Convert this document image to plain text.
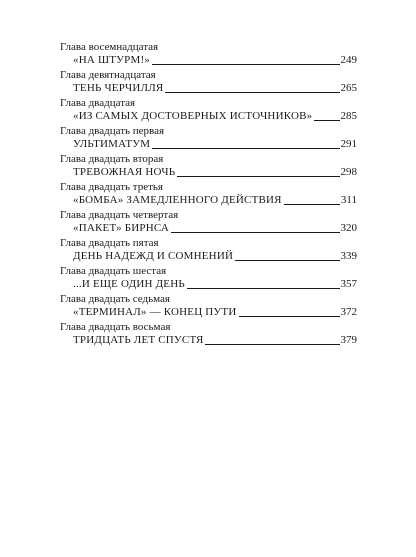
Глава восемнадцатая
«НА ШТУРМ!»	249
Глава девятнадцатая
ТЕНЬ ЧЕРЧИЛЛЯ	265
Глава двадцатая
«ИЗ САМЫХ ДОСТОВЕРНЫХ ИСТОЧНИКОВ»	285
Глава двадцать первая
УЛЬТИМАТУМ	291
Глава двадцать вторая
ТРЕВОЖНАЯ НОЧЬ	298
Глава двадцать третья
«БОМБА» ЗАМЕДЛЕННОГО ДЕЙСТВИЯ	311
Глава двадцать четвертая
«ПАКЕТ» БИРНСА	320
Глава двадцать пятая
ДЕНЬ НАДЕЖД И СОМНЕНИЙ	339
Глава двадцать шестая
...И ЕЩЕ ОДИН ДЕНЬ	357
Глава двадцать седьмая
«ТЕРМИНАЛ» — КОНЕЦ ПУТИ	372
Глава двадцать восьмая
ТРИДЦАТЬ ЛЕТ СПУСТЯ	379
